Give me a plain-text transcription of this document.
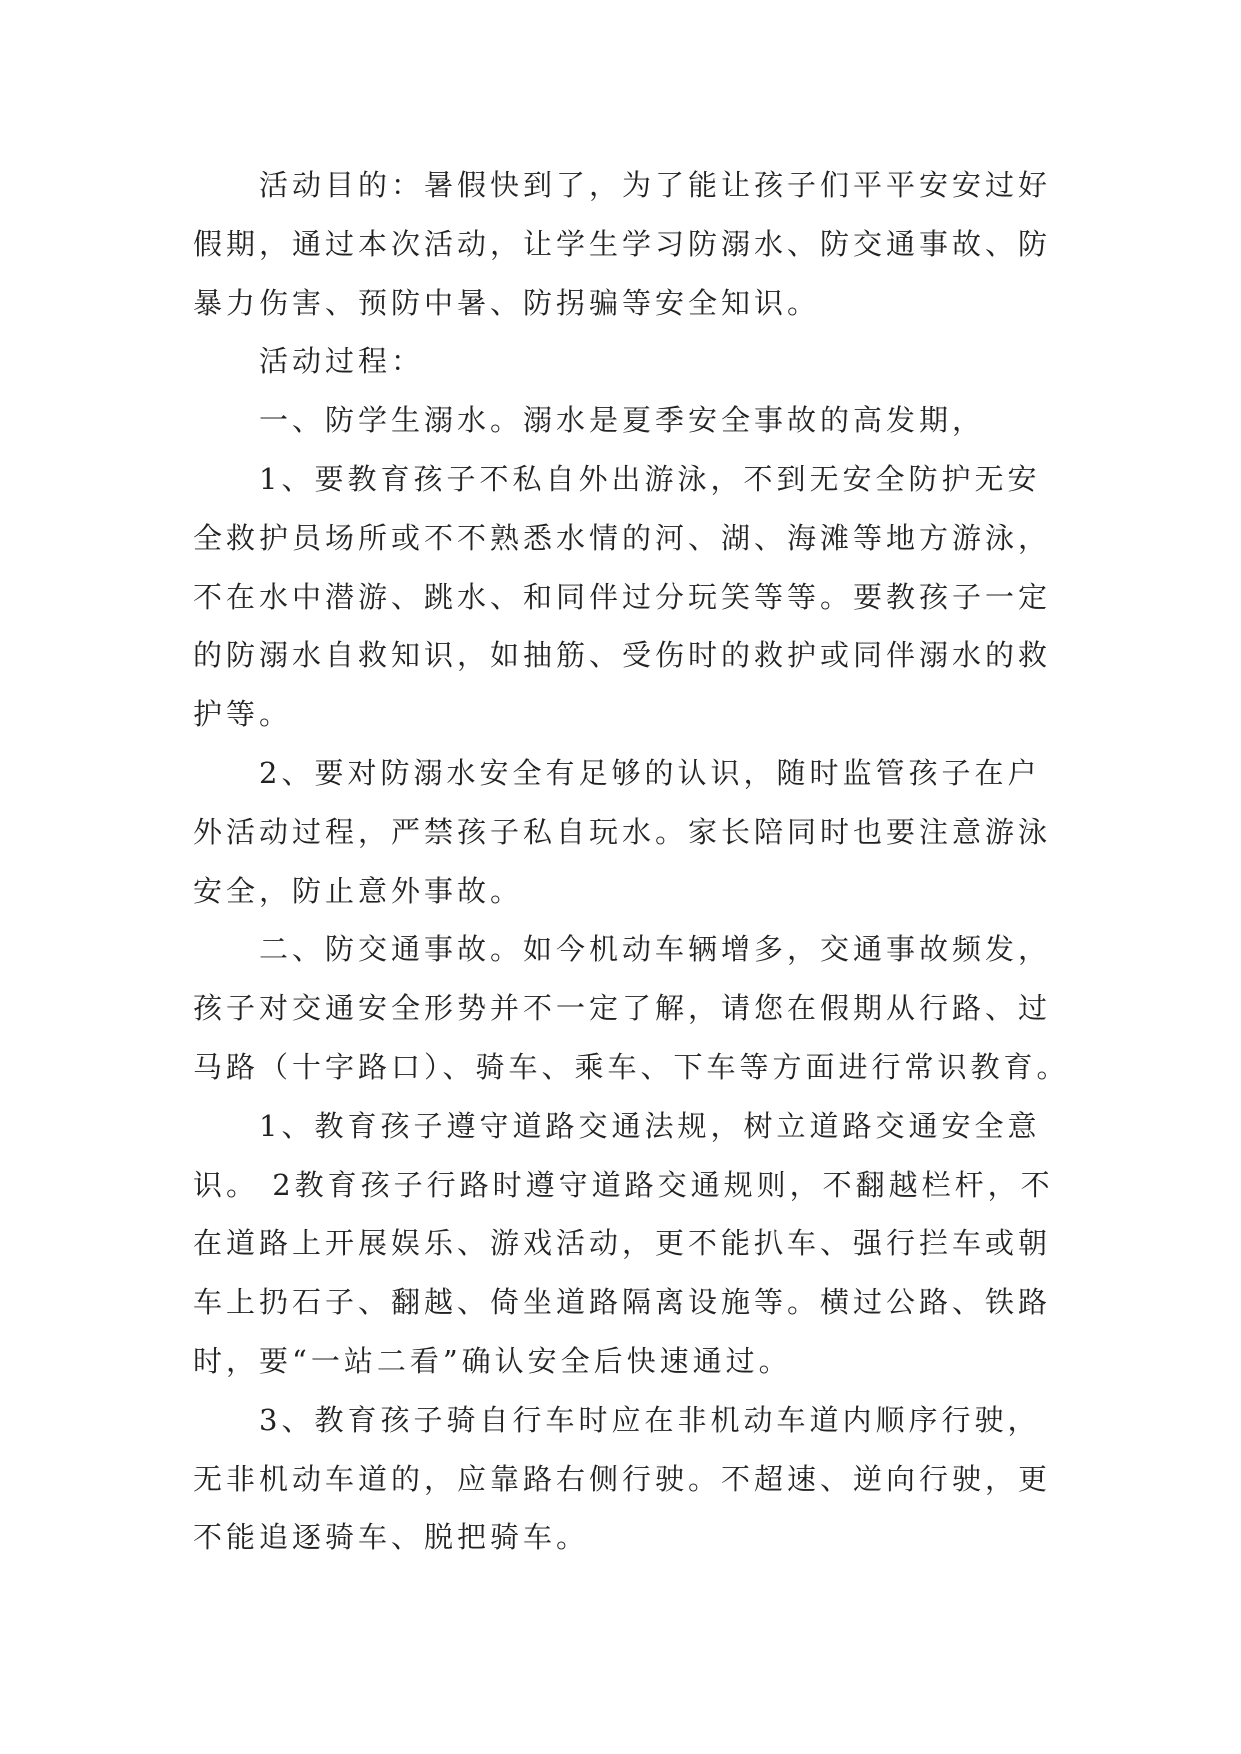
活动目的：暑假快到了，为了能让孩子们平平安安过好
假期，通过本次活动，让学生学习防溺水、防交通事故、防
暴力伤害、预防中暑、防拐骗等安全知识。
活动过程：
一、防学生溺水。溺水是夏季安全事故的高发期，
1、要教育孩子不私自外出游泳，不到无安全防护无安
全救护员场所或不不熟悉水情的河、湖、海滩等地方游泳，
不在水中潜游、跳水、和同伴过分玩笑等等。要教孩子一定
的防溺水自救知识，如抽筋、受伤时的救护或同伴溺水的救
护等。
2、要对防溺水安全有足够的认识，随时监管孩子在户
外活动过程，严禁孩子私自玩水。家长陪同时也要注意游泳
安全，防止意外事故。
二、防交通事故。如今机动车辆增多，交通事故频发，
孩子对交通安全形势并不一定了解，请您在假期从行路、过
马路（十字路口）、骑车、乘车、下车等方面进行常识教育。
1、教育孩子遵守道路交通法规，树立道路交通安全意
识。 2教育孩子行路时遵守道路交通规则，不翻越栏杆，不
在道路上开展娱乐、游戏活动，更不能扒车、强行拦车或朝
车上扔石子、翻越、倚坐道路隔离设施等。横过公路、铁路
时，要“一站二看”确认安全后快速通过。
3、教育孩子骑自行车时应在非机动车道内顺序行驶，
无非机动车道的，应靠路右侧行驶。不超速、逆向行驶，更
不能追逐骑车、脱把骑车。
